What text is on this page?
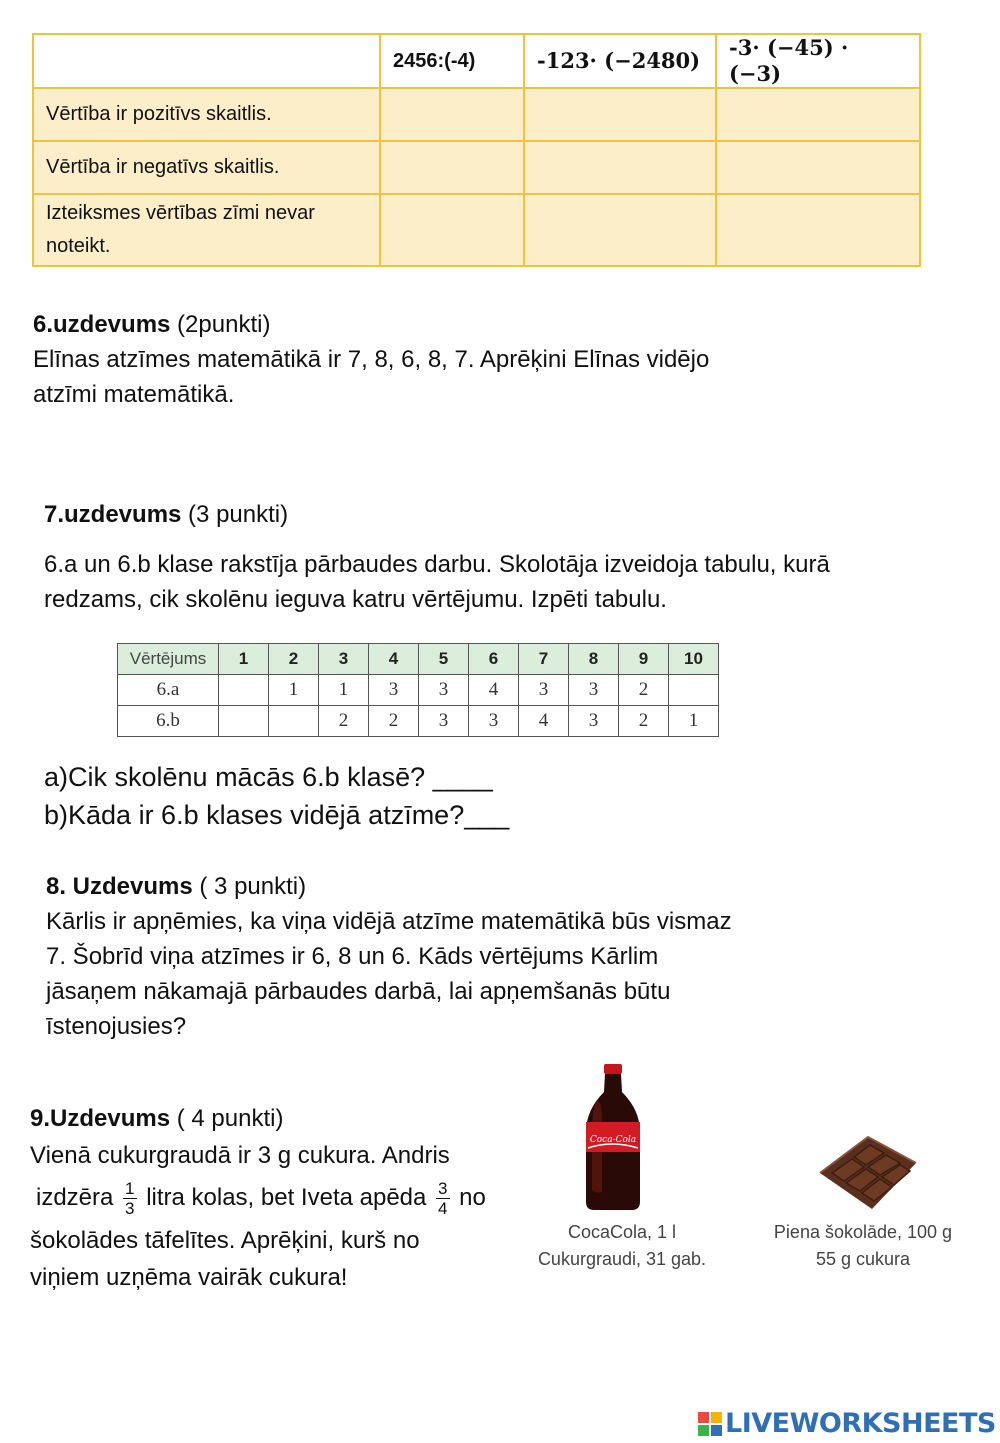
	2456:(-4)	-123· (−2480)	-3· (−45) · (−3)
Vērtība ir pozitīvs skaitlis.			
Vērtība ir negatīvs skaitlis.			
Izteiksmes vērtības zīmi nevar noteikt.			

6.uzdevums (2punkti)

Elīnas atzīmes matemātikā ir 7, 8, 6, 8, 7. Aprēķini Elīnas vidējo

atzīmi matemātikā.

7.uzdevums (3 punkti)

6.a un 6.b klase rakstīja pārbaudes darbu. Skolotāja izveidoja tabulu, kurā

redzams, cik skolēnu ieguva katru vērtējumu. Izpēti tabulu.

Vērtējums	1	2	3	4	5	6	7	8	9	10
6.a		1	1	3	3	4	3	3	2	
6.b			2	2	3	3	4	3	2	1

a)Cik skolēnu mācās 6.b klasē? ____

b)Kāda ir 6.b klases vidējā atzīme?___

8. Uzdevums ( 3 punkti)

Kārlis ir apņēmies, ka viņa vidējā atzīme matemātikā būs vismaz

7. Šobrīd viņa atzīmes ir 6, 8 un 6. Kāds vērtējums Kārlim

jāsaņem nākamajā pārbaudes darbā, lai apņemšanās būtu

īstenojusies?

9.Uzdevums ( 4 punkti)

Vienā cukurgraudā ir 3 g cukura. Andris

izdzēra $\frac{1}{3}$ litra kolas, bet Iveta apēda $\frac{3}{4}$ no

šokolādes tāfelītes. Aprēķini, kurš no

viņiem uzņēma vairāk cukura!

Coca-Cola
CocaCola, 1 l
Cukurgraudi, 31 gab.
Piena šokolāde, 100 g
55 g cukura
LIVEWORKSHEETS
